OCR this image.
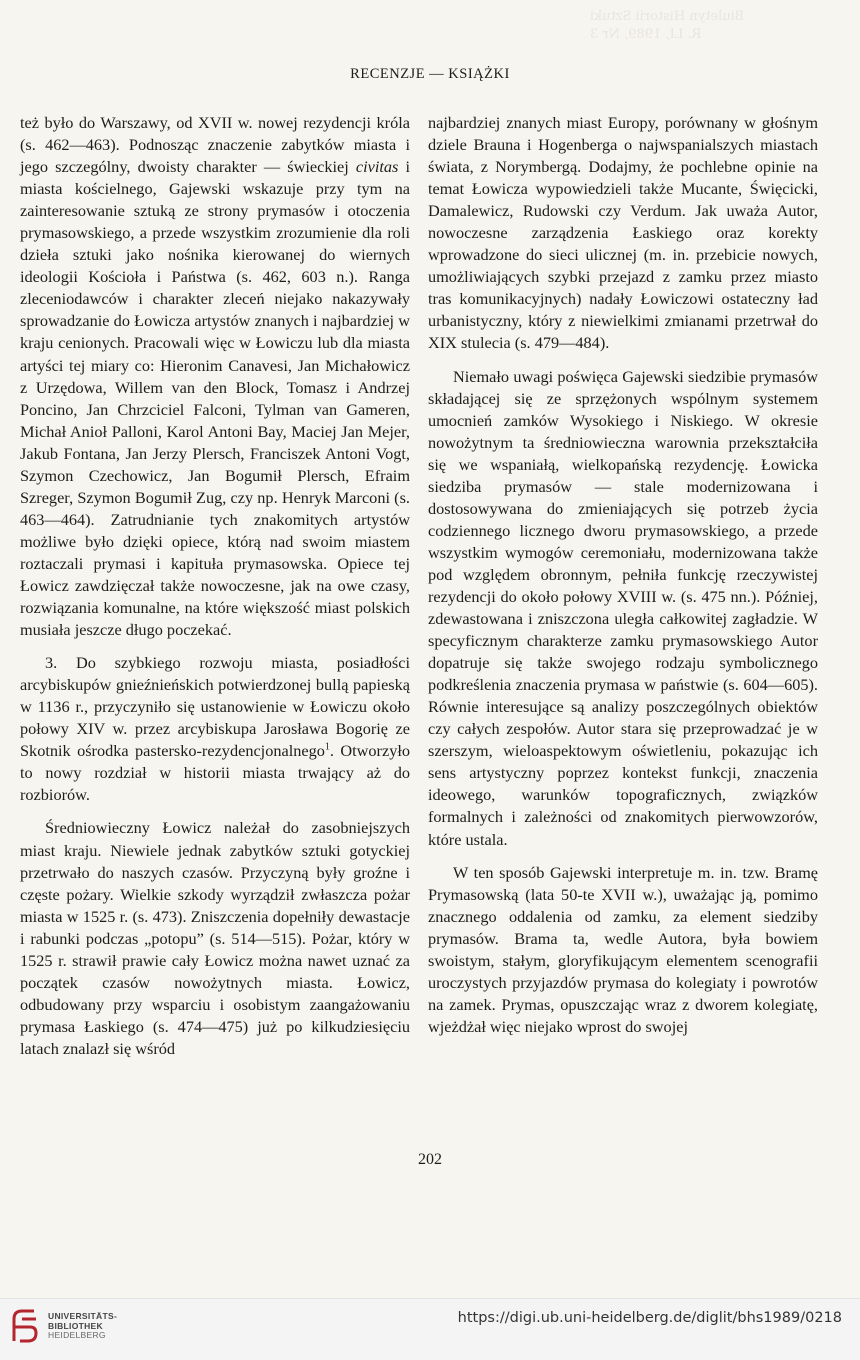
Biuletyn Historii Sztuki
R. LI, 1989, Nr 3
RECENZJE — KSIĄŻKI

też było do Warszawy, od XVII w. nowej rezydencji króla (s. 462—463). Podnosząc znaczenie zabytków miasta i jego szczególny, dwoisty charakter — świeckiej civitas i miasta kościelnego, Gajewski wskazuje przy tym na zainteresowanie sztuką ze strony prymasów i otoczenia prymasowskiego, a przede wszystkim zrozumienie dla roli dzieła sztuki jako nośnika kierowanej do wiernych ideologii Kościoła i Państwa (s. 462, 603 n.). Ranga zleceniodawców i charakter zleceń niejako nakazywały sprowadzanie do Łowicza artystów znanych i najbardziej w kraju cenionych. Pracowali więc w Łowiczu lub dla miasta artyści tej miary co: Hieronim Canavesi, Jan Michałowicz z Urzędowa, Willem van den Block, Tomasz i Andrzej Poncino, Jan Chrzciciel Falconi, Tylman van Gameren, Michał Anioł Palloni, Karol Antoni Bay, Maciej Jan Mejer, Jakub Fontana, Jan Jerzy Plersch, Franciszek Antoni Vogt, Szymon Czechowicz, Jan Bogumił Plersch, Efraim Szreger, Szymon Bogumił Zug, czy np. Henryk Marconi (s. 463—464). Zatrudnianie tych znakomitych artystów możliwe było dzięki opiece, którą nad swoim miastem roztaczali prymasi i kapituła prymasowska. Opiece tej Łowicz zawdzięczał także nowoczesne, jak na owe czasy, rozwiązania komunalne, na które większość miast polskich musiała jeszcze długo poczekać.

3. Do szybkiego rozwoju miasta, posiadłości arcybiskupów gnieźnieńskich potwierdzonej bullą papieską w 1136 r., przyczyniło się ustanowienie w Łowiczu około połowy XIV w. przez arcybiskupa Jarosława Bogorię ze Skotnik ośrodka pastersko-rezydencjonalnego$^1$. Otworzyło to nowy rozdział w historii miasta trwający aż do rozbiorów.

Średniowieczny Łowicz należał do zasobniejszych miast kraju. Niewiele jednak zabytków sztuki gotyckiej przetrwało do naszych czasów. Przyczyną były groźne i częste pożary. Wielkie szkody wyrządził zwłaszcza pożar miasta w 1525 r. (s. 473). Zniszczenia dopełniły dewastacje i rabunki podczas „potopu” (s. 514—515). Pożar, który w 1525 r. strawił prawie cały Łowicz można nawet uznać za początek czasów nowożytnych miasta. Łowicz, odbudowany przy wsparciu i osobistym zaangażowaniu prymasa Łaskiego (s. 474—475) już po kilkudziesięciu latach znalazł się wśród

najbardziej znanych miast Europy, porównany w głośnym dziele Brauna i Hogenberga o najwspanialszych miastach świata, z Norymbergą. Dodajmy, że pochlebne opinie na temat Łowicza wypowiedzieli także Mucante, Święcicki, Damalewicz, Rudowski czy Verdum. Jak uważa Autor, nowoczesne zarządzenia Łaskiego oraz korekty wprowadzone do sieci ulicznej (m. in. przebicie nowych, umożliwiających szybki przejazd z zamku przez miasto tras komunikacyjnych) nadały Łowiczowi ostateczny ład urbanistyczny, który z niewielkimi zmianami przetrwał do XIX stulecia (s. 479—484).

Niemało uwagi poświęca Gajewski siedzibie prymasów składającej się ze sprzężonych wspólnym systemem umocnień zamków Wysokiego i Niskiego. W okresie nowożytnym ta średniowieczna warownia przekształciła się we wspaniałą, wielkopańską rezydencję. Łowicka siedziba prymasów — stale modernizowana i dostosowywana do zmieniających się potrzeb życia codziennego licznego dworu prymasowskiego, a przede wszystkim wymogów ceremoniału, modernizowana także pod względem obronnym, pełniła funkcję rzeczywistej rezydencji do około połowy XVIII w. (s. 475 nn.). Później, zdewastowana i zniszczona uległa całkowitej zagładzie. W specyficznym charakterze zamku prymasowskiego Autor dopatruje się także swojego rodzaju symbolicznego podkreślenia znaczenia prymasa w państwie (s. 604—605). Równie interesujące są analizy poszczególnych obiektów czy całych zespołów. Autor stara się przeprowadzać je w szerszym, wieloaspektowym oświetleniu, pokazując ich sens artystyczny poprzez kontekst funkcji, znaczenia ideowego, warunków topograficznych, związków formalnych i zależności od znakomitych pierwowzorów, które ustala.

W ten sposób Gajewski interpretuje m. in. tzw. Bramę Prymasowską (lata 50-te XVII w.), uważając ją, pomimo znacznego oddalenia od zamku, za element siedziby prymasów. Brama ta, wedle Autora, była bowiem swoistym, stałym, gloryfikującym elementem scenografii uroczystych przyjazdów prymasa do kolegiaty i powrotów na zamek. Prymas, opuszczając wraz z dworem kolegiatę, wjeżdżał więc niejako wprost do swojej

202
UNIVERSITÄTS-
BIBLIOTHEK
HEIDELBERG
https://digi.ub.uni-heidelberg.de/diglit/bhs1989/0218
